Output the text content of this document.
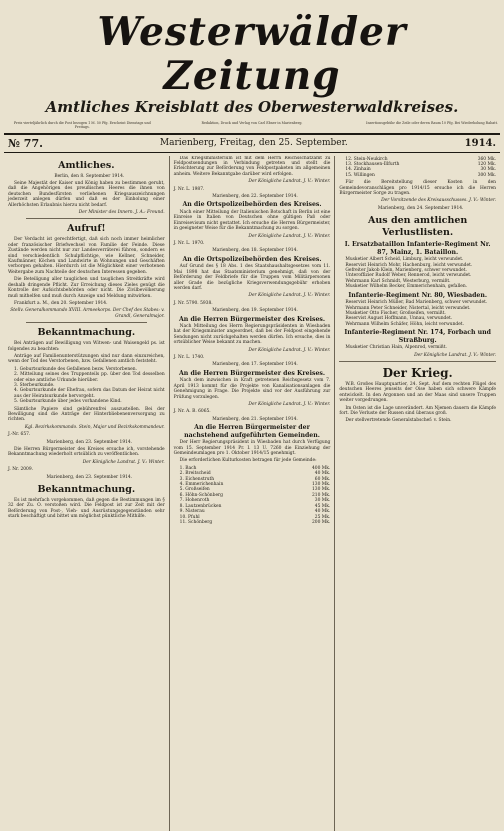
Westerwälder Zeitung
Amtliches Kreisblatt des Oberwesterwaldkreises.
Preis vierteljährlich durch die Post bezogen 1 M. 50 Pfg. Erscheint Dienstags und Freitags.
Redaktion, Druck und Verlag von Carl Ebner in Marienberg.	Insertionsgebühr die Zeile oder deren Raum 10 Pfg. Bei Wiederholung Rabatt.
№ 77.	Marienberg, Freitag, den 25. September.	1914.
Amtliches.
Berlin, den 8. September 1914.
Seine Majestät der Kaiser und König haben zu bestimmen geruht, daß die Angehörigen des preußischen Heeres die ihnen von deutschen Bundesfürsten verliehenen Kriegsauszeichnungen jederzeit anlegen dürfen und daß es der Einholung einer Allerhöchsten Erlaubnis hierzu nicht bedarf.
Der Minister des Innern. J. A.: Freund.
Aufruf!
Der Verdacht ist gerechtfertigt, daß sich noch immer heimlicher oder französischer Briefwechsel von Familie der Feinde. Diese Zustände werden nicht nur zur Landesverräterei führen, sondern es sind verschiedentlich Schulpflichtige, wie Kellner, Schneider, Kaufmänner, Köchen und Landwirte in Wohnungen und Geschäften verborgen gehalten. Hierdurch ist die Möglichkeit einer verbotenen Weitergabe zum Nachteile der deutschen Interessen gegeben.
Die Beteiligung aller tauglichen und tauglichen Streitkräfte wird deshalb dringende Pflicht. Zur Erreichung dieses Zieles genügt die Kontrolle der Aufsichtsbehörden oder nicht. Die Zivilbevölkerung muß mithelfen und muß durch Anzeige und Meldung mitwirken.
Frankfurt a. M., den 20. September 1914.
Stellv. Generalkommando XVIII. Armeekorps. Der Chef des Stabes: v. Grandl, Generalmajor.
Bekanntmachung.
Bei Anträgen auf Bewilligung von Witwen- und Waisengeld ps. ist folgendes zu beachten:
Anträge auf Familienunterstützungen sind nur dann einzureichen, wenn der Tod des Verstorbenen, bzw. Gefallenen amtlich feststeht.
1. Geburtsurkunde des Gefallenen bezw. Verstorbenen.
2. Mitteilung seines des Truppenteils pp. über den Tod desselben oder eine amtliche Urkunde hierüber.
3. Sterbeurkunde.
4. Geburtsurkunde der Ehefrau, sofern das Datum der Heirat nicht aus der Heiratsurkunde hervorgeht.
5. Geburtsurkunde über jedes vorhandene Kind.
Sämtliche Papiere sind gebührenfrei auszustellen. Bei der Bewilligung sind die Anträge der Hinterbliebenenversorgung zu richten.
Kgl. Bezirkskommando. Stein, Major und Bezirkskommandeur.
J.-Nr. 657.
Marienberg, den 23. September 1914.
Die Herren Bürgermeister des Kreises ersuche ich, vorstehende Bekanntmachung wiederholt ortsüblich zu veröffentlichen.
Der Königliche Landrat. J. V.: Winter.
J. Nr. 2009.
Marienberg, den 23. September 1914.
Bekanntmachung.
Es ist mehrfach vorgekommen, daß gegen die Bestimmungen im § 32 der Zu. O. verstoßen wird. Die Feldpost ist zur Zeit mit der Beförderung von Post-, Vieh- und Ausrüstungsgegenständen sehr stark beschäftigt und bittet um möglichst pünktliche Mithilfe.
Das Kriegsministerium ist mit dem Herrn Reichsschatzamt zu Feldpostsendungen in Verbindung getreten und stellt die Erleichterung zur Beförderung von Feldpostpaketen im allgemeinen anheim. Weitere Bekanntgabe darüber wird erfolgen.
Der Königliche Landrat. J. V.: Winter.
J. Nr. L. 1987.
Marienberg, den 22. September 1914.
An die Ortspolizeibehörden des Kreises.
Nach einer Mitteilung der Italienischen Botschaft in Berlin ist eine Einreise in Italien von Deutschen ohne gültigen Paß oder Einreisevisum nicht gestattet. Ich ersuche die Herren Bürgermeister, in geeigneter Weise für die Bekanntmachung zu sorgen.
Der Königliche Landrat. J. V.: Winter.
J. Nr. L. 1970.
Marienberg, den 18. September 1914.
An die Ortspolizeibehörden des Kreises.
Auf Grund des § 18 Abs. 1 des Staatshaushaltsgesetzes vom 11. Mai 1898 hat das Staatsministerium genehmigt, daß von der Beförderung der Feldbriefe für die Truppen vom Militärpersonen aller Grade die bezügliche Kriegsverwendungsgebühr erhoben werden darf.
Der Königliche Landrat. J. V.: Winter.
J. Nr. 5790. 5938.
Marienberg, den 19. September 1914.
An die Herren Bürgermeister des Kreises.
Nach Mitteilung des Herrn Regierungspräsidenten in Wiesbaden hat der Kriegsminister angeordnet, daß bei der Feldpost eingehende Sendungen nicht zurückgehalten werden dürfen. Ich ersuche, dies in ortsüblicher Weise bekannt zu machen.
Der Königliche Landrat. J. V.: Winter.
J. Nr. L. 1740.
Marienberg, den 17. September 1914.
An die Herren Bürgermeister des Kreises.
Nach dem inzwischen in Kraft getretenen Reichsgesetz vom 7. April 1913 kommt für die Projekte von Kanalisationsanlagen die Genehmigung in Frage. Die Projekte sind vor der Ausführung zur Prüfung vorzulegen.
Der Königliche Landrat. J. V.: Winter.
J. Nr. A. B. 6065.
Marienberg, den 21. September 1914.
An die Herren Bürgermeister der nachstehend aufgeführten Gemeinden.
Der Herr Regierungspräsident in Wiesbaden hat durch Verfügung vom 15. September 1914 Pr. I. 13 U. 7260 die Einziehung der Gemeindeumlagen pro 1. Oktober 1914/15 genehmigt.
Die erforderlichen Kulturkosten betragen für jede Gemeinde:
1. Bach	400 Mk.
2. Breitscheid	40 Mk.
3. Eichenstruth	60 Mk.
4. Emmerichenhain	130 Mk.
5. Großseifen	130 Mk.
6. Höhn-Schönberg	210 Mk.
7. Hohenroth	30 Mk.
8. Lautzenbrücken	45 Mk.
9. Nisterau	40 Mk.
10. Pfuhl	25 Mk.
11. Schönberg	200 Mk.
12. Stein-Neukirch	360 Mk.
13. Stockhausen-Illfurth	120 Mk.
14. Zinhain	30 Mk.
15. Willingen	300 Mk.
Für die Bereitstellung dieser Kosten in den Gemeindevoranschlägen pro 1914/15 ersuche ich die Herren Bürgermeister Sorge zu tragen.
Der Vorsitzende des Kreisausschusses. J. V.: Winter.
Marienberg, den 24. September 1914.
Aus den amtlichen Verlustlisten.
I. Ersatzbataillon Infanterie-Regiment Nr. 87, Mainz, 1. Bataillon.
Musketier Albert Scheid, Limburg, leicht verwundet.
Reservist Heinrich Mohr, Hachenburg, leicht verwundet.
Gefreiter Jakob Klein, Marienberg, schwer verwundet.
Unteroffizier Rudolf Weber, Rennerod, leicht verwundet.
Wehrmann Karl Schmidt, Westerburg, vermißt.
Musketier Wilhelm Becker, Emmerichenhain, gefallen.
Infanterie-Regiment Nr. 80, Wiesbaden.
Reservist Heinrich Müller, Bad Marienberg, schwer verwundet.
Wehrmann Peter Schneider, Nistertal, leicht verwundet.
Musketier Otto Fischer, Großseifen, vermißt.
Reservist August Hoffmann, Unnau, verwundet.
Wehrmann Wilhelm Schäfer, Höhn, leicht verwundet.
Infanterie-Regiment Nr. 174, Forbach und Straßburg.
Musketier Christian Hain, Alpenrod, vermißt.
Der Königliche Landrat. J. V.: Winter.
Der Krieg.
W.B. Großes Hauptquartier, 24. Sept. Auf dem rechten Flügel des deutschen Heeres jenseits der Oise haben sich schwere Kämpfe entwickelt. In den Argonnen und an der Maas sind unsere Truppen weiter vorgedrungen.
Im Osten ist die Lage unverändert. Am Njemen dauern die Kämpfe fort. Die Verluste der Russen sind überaus groß.
Der stellvertretende Generalstabschef: v. Stein.
